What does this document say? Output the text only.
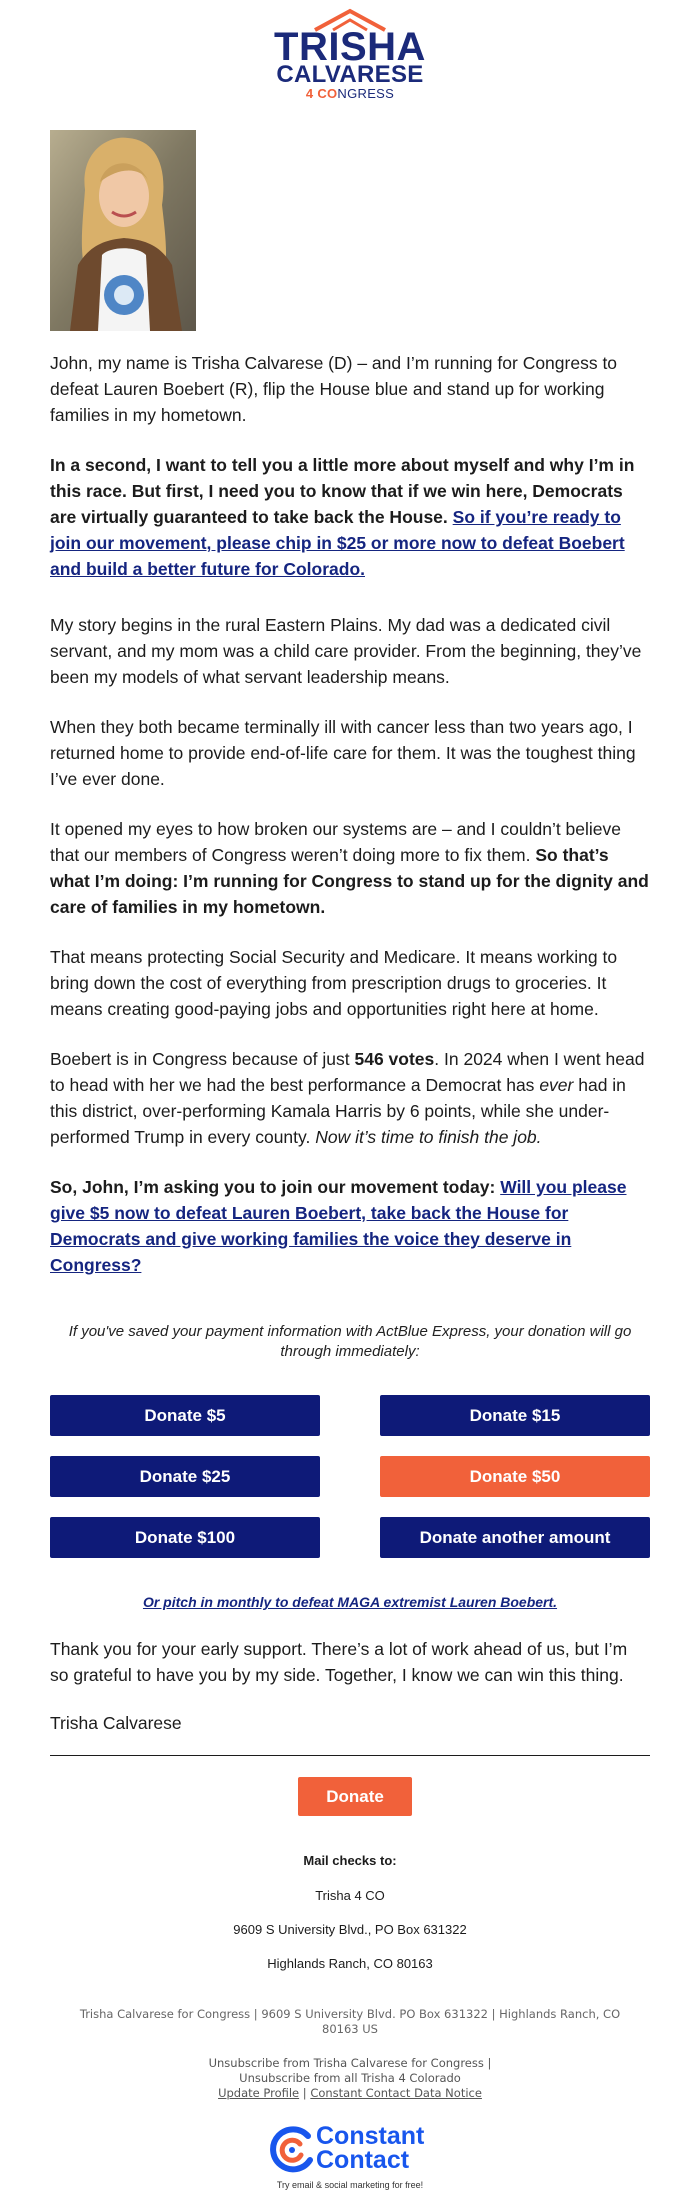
TRISHA
CALVARESE
4 CONGRESS

John, my name is Trisha Calvarese (D) – and I’m running for Congress to defeat Lauren Boebert (R), flip the House blue and stand up for working families in my hometown.

In a second, I want to tell you a little more about myself and why I’m in this race. But first, I need you to know that if we win here, Democrats are virtually guaranteed to take back the House. So if you’re ready to join our movement, please chip in $25 or more now to defeat Boebert and build a better future for Colorado.

My story begins in the rural Eastern Plains. My dad was a dedicated civil servant, and my mom was a child care provider. From the beginning, they’ve been my models of what servant leadership means.

When they both became terminally ill with cancer less than two years ago, I returned home to provide end-of-life care for them. It was the toughest thing I’ve ever done.

It opened my eyes to how broken our systems are – and I couldn’t believe that our members of Congress weren’t doing more to fix them. So that’s what I’m doing: I’m running for Congress to stand up for the dignity and care of families in my hometown.

That means protecting Social Security and Medicare. It means working to bring down the cost of everything from prescription drugs to groceries. It means creating good-paying jobs and opportunities right here at home.

Boebert is in Congress because of just 546 votes. In 2024 when I went head to head with her we had the best performance a Democrat has ever had in this district, over-performing Kamala Harris by 6 points, while she under-performed Trump in every county. Now it’s time to finish the job.

So, John, I’m asking you to join our movement today: Will you please give $5 now to defeat Lauren Boebert, take back the House for Democrats and give working families the voice they deserve in Congress?

If you've saved your payment information with ActBlue Express, your donation will go through immediately:
Donate $5	Donate $15
Donate $25	Donate $50
Donate $100	Donate another amount
Or pitch in monthly to defeat MAGA extremist Lauren Boebert.
Thank you for your early support. There’s a lot of work ahead of us, but I’m so grateful to have you by my side. Together, I know we can win this thing.
Trisha Calvarese
Donate
Mail checks to:
Trisha 4 CO
9609 S University Blvd., PO Box 631322
Highlands Ranch, CO 80163
Trisha Calvarese for Congress | 9609 S University Blvd. PO Box 631322 | Highlands Ranch, CO 80163 US
Unsubscribe from Trisha Calvarese for Congress |
Unsubscribe from all Trisha 4 Colorado
Update Profile | Constant Contact Data Notice
Constant
Contact
Try email & social marketing for free!
